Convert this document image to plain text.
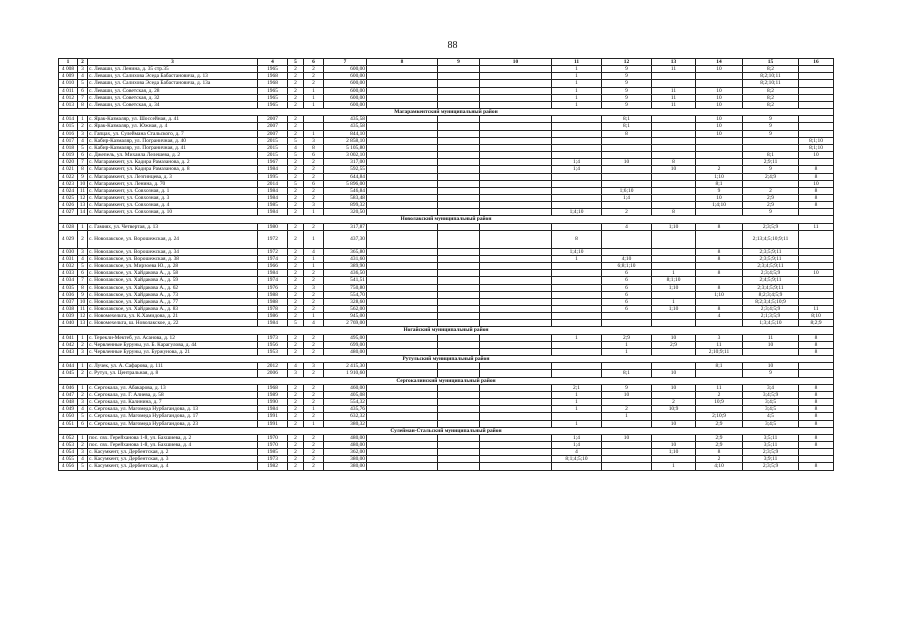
88
1	2	3	4	5	6	7	8	9	10	11	12	13	14	15	16
4 008	3	с. Леваши, ул. Ленина, д. 35 стр.35	1965	2	2	600,00				1	9	11	10	8;2	
4 009	4	с. Леваши, ул. Салихова Эседа Бабастановича, д. 13	1968	2	2	600,00				1	9			8;2;10;11	
4 010	5	с. Леваши, ул. Салихова Эседа Бабастановича, д. 13а	1968	2	2	600,00				1	9			8;2;10;11	
4 011	6	с. Леваши, ул. Советская, д. 28	1965	2	1	600,00				1	9	11	10	8;2	
4 012	7	с. Леваши, ул. Советская, д. 32	1965	2	1	600,00				1	9	11	10	8;2	
4 013	8	с. Леваши, ул. Советская, д. 34	1965	2	1	600,00				1	9	11	10	8;2	
Магарамкентский муниципальный район															
4 014	1	с. Ярак-Казмаляр, ул. Шоссейная, д. 41	2007	2		435,58					8;1		10	9	
4 015	2	с. Ярак-Казмаляр, ул. Южная, д. 4	2007	2		435,58					8;1		10	9	
4 016	3	с. Гапцах, ул. Сулеймана Стальского, д. 7	2007	2	1	844,10					8		10	9	
4 017	4	с. Кабир-Казмаляр, ул. Пограничная, д. 40	2015	5	3	2 858,10									8;1;10
4 018	5	с. Кабир-Казмаляр, ул. Пограничная, д. 41	2015	4	8	5 105,80									8;1;10
4 019	6	с. Джепель, ул. Михаила Лелешева, д. 2	2015	5	6	3 002,10								8;1	10
4 020	7	с. Магарамкент, ул. Кадира Рамазанова, д. 2	1967	2	2	317,00				1;4	10	8		2;9;11	
4 021	8	с. Магарамкент, ул. Кадира Рамазанова, д. 8	1984	2	2	592,55				1;4		10	2	9	8
4 022	9	с. Магарамкент, ул. Лезгинцева, д. 3	1995	2	2	644,84							1;10	2;4;9	8
4 023	10	с. Магарамкент, ул. Ленина, д. 70	2014	5	6	5 896,00							8;1		10
4 024	11	с. Магарамкент, ул. Совхозная, д. 1	1984	2	2	546,84					1;6;10		9	2	8
4 025	12	с. Магарамкент, ул. Совхозная, д. 3	1984	2	2	583,48					1;4		10	2;9	8
4 026	13	с. Магарамкент, ул. Совхозная, д. 4	1985	2	3	899,32							1;4;10	2;9	8
4 027	14	с. Магарамкент, ул. Совхозная, д. 10	1984	2	1	320,50				1;4;10	2	8		9	
Новолакский муниципальный район															
4 028	1	с. Гамиях, ул. Четвертая, д. 13	1980	2	2	317,87					4	1;10	8	2;3;5;9	11
4 029	2	с. Новолакское, ул. Ворошежская, д. 24	1972	2	1	437,30				8				2;13;4;5;10;9;11	
4 030	3	с. Новолакское, ул. Ворошежская, д. 34	1972	2	4	365,80				1;4;10			8	2;3;5;9;11	
4 031	4	с. Новолакское, ул. Ворошежская, д. 38	1974	2	1	431,60				1	4;10		8	2;3;5;9;11	
4 032	5	с. Новолакское, ул. Мирзоева Ю., д. 28	1966	2	1	389,90					6;8;1;10			2;3;4;5;9;11	
4 033	6	с. Новолакское, ул. Хайдакова А., д. 58	1984	2	2	436,50					6	1	8	2;3;4;5;9	10
4 034	7	с. Новолакское, ул. Хайдакова А., д. 59	1974	2	2	541,51					6	8;1;10		2;4;5;9;11	
4 035	8	с. Новолакское, ул. Хайдакова А., д. 62	1976	2	3	750,80					6	1;10	8	2;3;4;5;9;11	
4 036	9	с. Новолакское, ул. Хайдакова А., д. 73	1988	2	2	554,70					6		1;10	8;2;3;4;5;9	
4 037	10	с. Новолакское, ул. Хайдакова А., д. 77	1988	2	2	328,60					6	1		8;2;3;4;5;10;9	
4 038	11	с. Новолакское, ул. Хайдакова А., д. 83	1978	2	2	562,00					6	1;10	8	2;3;4;5;9	11
4 039	12	с. Новомехельта, ул. К.Хамидова, д. 21	1986	2	1	945,00							4	2;1;3;5;9	8;10
4 040	13	с. Новомехельта, ш. Новолакское, д. 22	1984	5	4	2 769,00								1;3;4;5;10	8;2;9
Ногайский муниципальный район															
4 041	1	с. Терекли-Мектеб, ул. Асанова, д. 12	1973	2	2	495,00				1	2;9	10	3	11	8
4 042	2	с. Червленные Буруны, ул. Б. Карагулова, д. 44	1956	2	2	699,00					1	2;9	11	10	8
4 043	3	с. Червленные Буруны, ул. Буржунова, д. 21	1953	2	2	480,00					1		2;10;9;11		8
Рутульский муниципальный район															
4 044	1	с. Лучек, ул. А. Сафарова, д. 111	2012	4	3	2 415,30							8;1	10	
4 045	2	с. Рутул, ул. Центральная, д. 8	2006	3	2	1 910,60					8;1	10		9	
Сергокалинский муниципальный район															
4 046	1	с. Сергокала, ул. Абакарова, д. 13	1968	2	2	460,00				2;1	9	10	11	3;4	8
4 047	2	с. Сергокала, ул. Г. Алиева, д. 58	1989	2	2	405,08				1	10		2	3;4;5;9	8
4 048	3	с. Сергокала, ул. Калинина, д. 7	1990	2	2	554,32				1		2	10;9	3;4;5	8
4 049	4	с. Сергокала, ул. Магомеда Нурбагандова, д. 13	1984	2	1	435,76				1	2	10;9		3;4;5	8
4 050	5	с. Сергокала, ул. Магомеда Нурбагандова, д. 17	1991	2	2	632,32					1		2;10;9	4;5	8
4 051	6	с. Сергокала, ул. Магомеда Нурбагандова, д. 23	1991	2	1	380,32				1		10	2;9	3;4;5	8
Сулейман-Стальский муниципальный район															
4 052	1	пос. свх. Герейханова 1-й, ул. Бахшиева, д. 2	1970	2	2	480,00				1;4	10		2;9	3;5;11	8
4 053	2	пос. свх. Герейханова 1-й, ул. Бахшиева, д. 4	1970	2	2	480,00				1;4		10	2;9	3;5;11	8
4 054	3	с. Касумкент, ул. Дербентская, д. 2	1985	2	2	362,00				4		1;10	8	2;3;5;9	
4 055	4	с. Касумкент, ул. Дербентская, д. 3	1973	2	2	380,00				8;1;4;5;10			2	3;9;11	
4 056	5	с. Касумкент, ул. Дербентская, д. 4	1982	2	2	380,00						1	4;10	2;3;5;9	8
